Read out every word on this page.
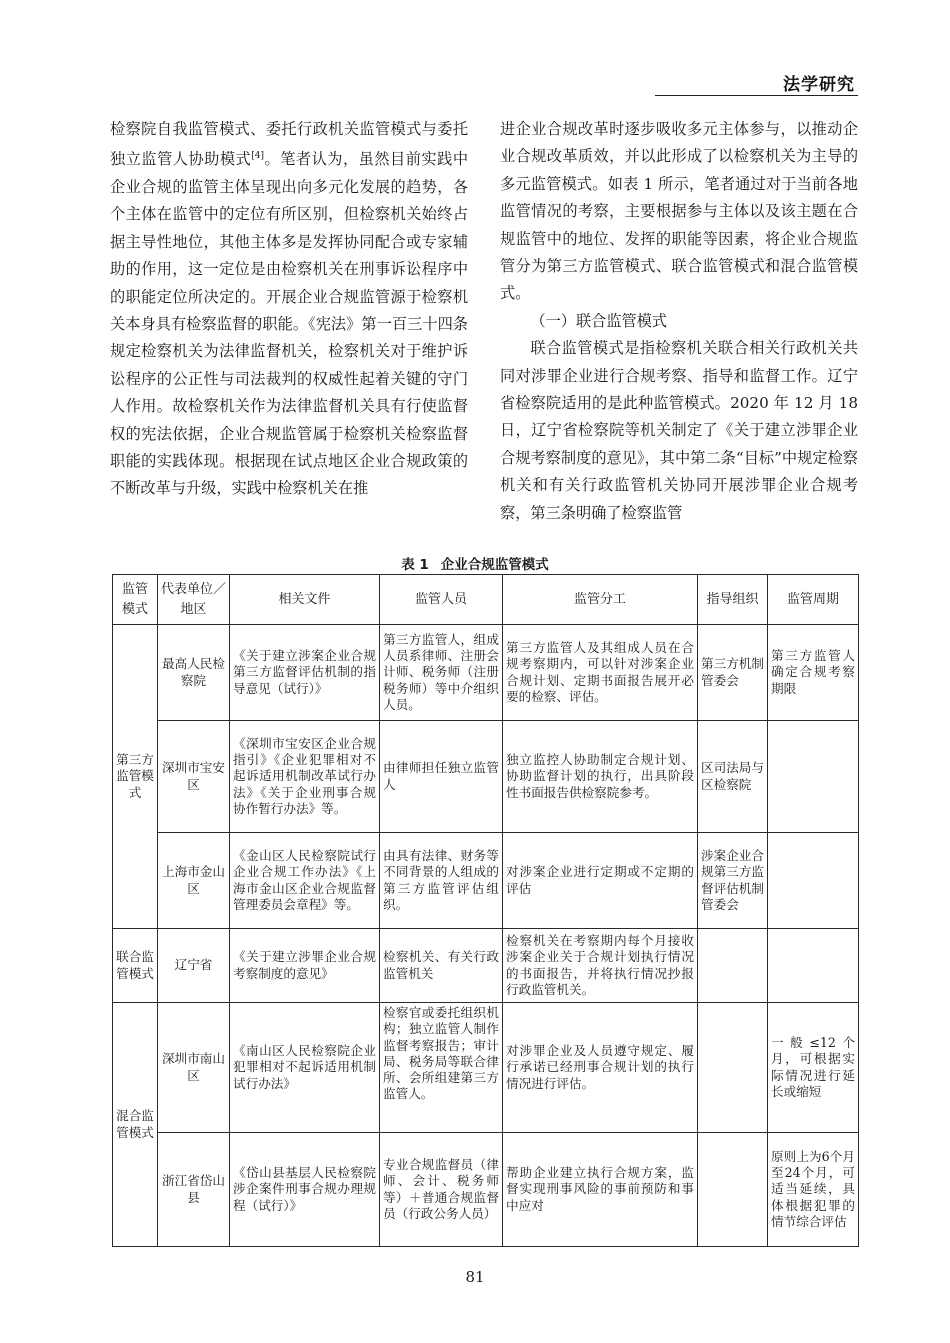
法学研究

检察院自我监管模式、委托行政机关监管模式与委托独立监管人协助模式[4]。笔者认为，虽然目前实践中企业合规的监管主体呈现出向多元化发展的趋势，各个主体在监管中的定位有所区别，但检察机关始终占据主导性地位，其他主体多是发挥协同配合或专家辅助的作用，这一定位是由检察机关在刑事诉讼程序中的职能定位所决定的。开展企业合规监管源于检察机关本身具有检察监督的职能。《宪法》第一百三十四条规定检察机关为法律监督机关，检察机关对于维护诉讼程序的公正性与司法裁判的权威性起着关键的守门人作用。故检察机关作为法律监督机关具有行使监督权的宪法依据，企业合规监管属于检察机关检察监督职能的实践体现。根据现在试点地区企业合规政策的不断改革与升级，实践中检察机关在推

进企业合规改革时逐步吸收多元主体参与，以推动企业合规改革质效，并以此形成了以检察机关为主导的多元监管模式。如表 1 所示，笔者通过对于当前各地监管情况的考察，主要根据参与主体以及该主题在合规监管中的地位、发挥的职能等因素，将企业合规监管分为第三方监管模式、联合监管模式和混合监管模式。

（一）联合监管模式

联合监管模式是指检察机关联合相关行政机关共同对涉罪企业进行合规考察、指导和监督工作。辽宁省检察院适用的是此种监管模式。2020 年 12 月 18 日，辽宁省检察院等机关制定了《关于建立涉罪企业合规考察制度的意见》，其中第二条“目标”中规定检察机关和有关行政监管机关协同开展涉罪企业合规考察，第三条明确了检察监管

表 1 企业合规监管模式
监管模式	代表单位／地区	相关文件	监管人员	监管分工	指导组织	监管周期
第三方监管模式	最高人民检察院	《关于建立涉案企业合规第三方监督评估机制的指导意见（试行）》	第三方监管人，组成人员系律师、注册会计师、税务师（注册税务师）等中介组织人员。	第三方监管人及其组成人员在合规考察期内，可以针对涉案企业合规计划、定期书面报告展开必要的检察、评估。	第三方机制管委会	第三方监管人确定合规考察期限
	深圳市宝安区	《深圳市宝安区企业合规指引》《企业犯罪相对不起诉适用机制改革试行办法》《关于企业刑事合规协作暂行办法》等。	由律师担任独立监管人	独立监控人协助制定合规计划、协助监督计划的执行，出具阶段性书面报告供检察院参考。	区司法局与区检察院	
	上海市金山区	《金山区人民检察院试行企业合规工作办法》《上海市金山区企业合规监督管理委员会章程》等。	由具有法律、财务等不同背景的人组成的第三方监管评估组织。	对涉案企业进行定期或不定期的评估	涉案企业合规第三方监督评估机制管委会	
联合监管模式	辽宁省	《关于建立涉罪企业合规考察制度的意见》	检察机关、有关行政监管机关	检察机关在考察期内每个月接收涉案企业关于合规计划执行情况的书面报告，并将执行情况抄报行政监管机关。		
混合监管模式	深圳市南山区	《南山区人民检察院企业犯罪相对不起诉适用机制试行办法》	检察官或委托组织机构；独立监管人制作监督考察报告；审计局、税务局等联合律所、会所组建第三方监管人。	对涉罪企业及人员遵守规定、履行承诺已经刑事合规计划的执行情况进行评估。		一般≤12个月，可根据实际情况进行延长或缩短
	浙江省岱山县	《岱山县基层人民检察院涉企案件刑事合规办理规程（试行）》	专业合规监督员（律师、会计、税务师等）＋普通合规监督员（行政公务人员）	帮助企业建立执行合规方案，监督实现刑事风险的事前预防和事中应对		原则上为6个月至24个月，可适当延续，具体根据犯罪的情节综合评估
81
